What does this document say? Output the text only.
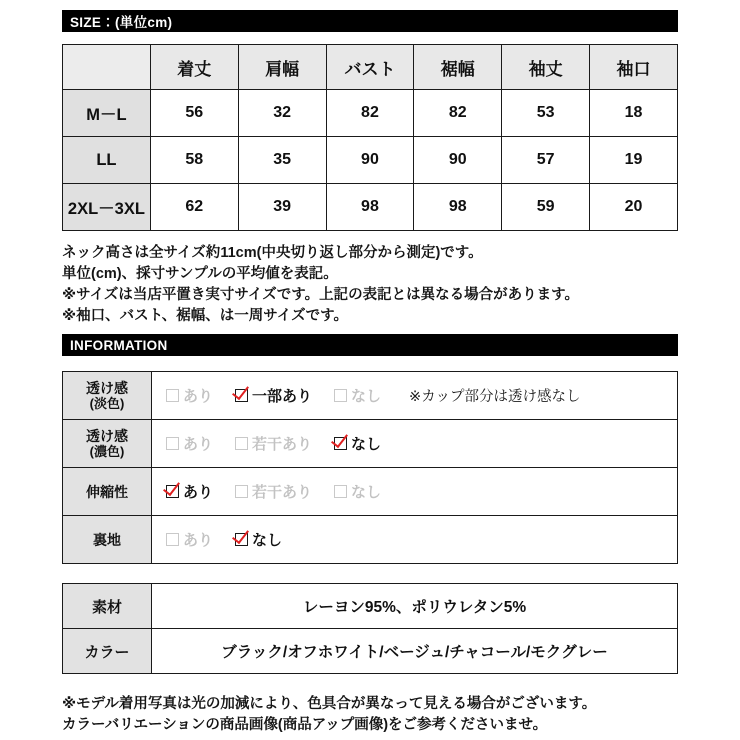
SIZE：(単位cm)
	着丈	肩幅	バスト	裾幅	袖丈	袖口
M－L	56	32	82	82	53	18
LL	58	35	90	90	57	19
2XL－3XL	62	39	98	98	59	20
ネック高さは全サイズ約11cm(中央切り返し部分から測定)です。
単位(cm)、採寸サンプルの平均値を表記。
※サイズは当店平置き実寸サイズです。上記の表記とは異なる場合があります。
※袖口、バスト、裾幅、は一周サイズです。
INFORMATION
透け感
(淡色)	あり 一部あり なし ※カップ部分は透け感なし

透け感
(濃色)	あり 若干あり なし

伸縮性	あり 若干あり なし

裏地	あり なし
素材	レーヨン95%、ポリウレタン5%
カラー	ブラック/オフホワイト/ベージュ/チャコール/モクグレー
※モデル着用写真は光の加減により、色具合が異なって見える場合がございます。
カラーバリエーションの商品画像(商品アップ画像)をご参考くださいませ。
